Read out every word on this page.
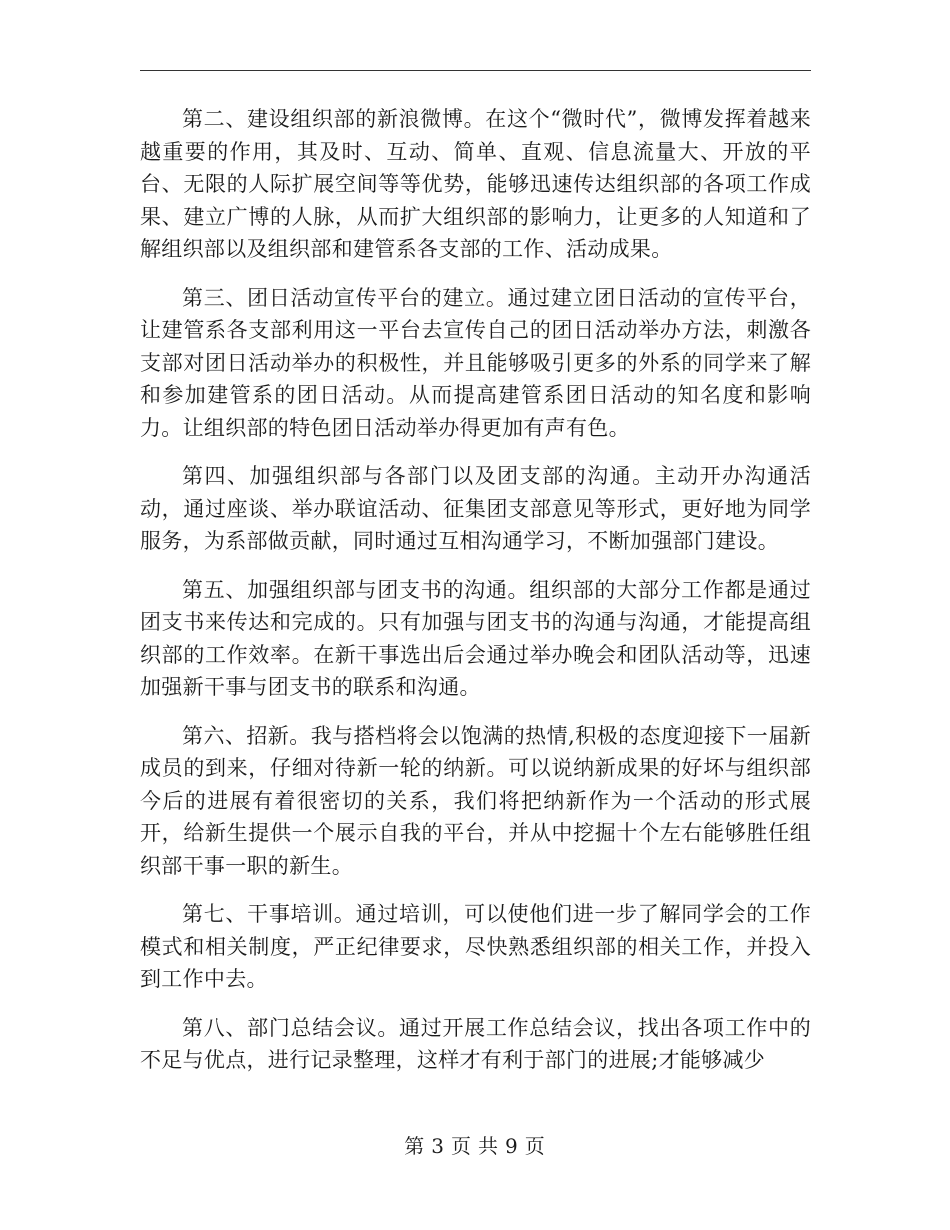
第二、建设组织部的新浪微博。在这个“微时代”，微博发挥着越来越重要的作用，其及时、互动、简单、直观、信息流量大、开放的平台、无限的人际扩展空间等等优势，能够迅速传达组织部的各项工作成果、建立广博的人脉，从而扩大组织部的影响力，让更多的人知道和了解组织部以及组织部和建管系各支部的工作、活动成果。

第三、团日活动宣传平台的建立。通过建立团日活动的宣传平台，让建管系各支部利用这一平台去宣传自己的团日活动举办方法，刺激各支部对团日活动举办的积极性，并且能够吸引更多的外系的同学来了解和参加建管系的团日活动。从而提高建管系团日活动的知名度和影响力。让组织部的特色团日活动举办得更加有声有色。

第四、加强组织部与各部门以及团支部的沟通。主动开办沟通活动，通过座谈、举办联谊活动、征集团支部意见等形式，更好地为同学服务，为系部做贡献，同时通过互相沟通学习，不断加强部门建设。

第五、加强组织部与团支书的沟通。组织部的大部分工作都是通过团支书来传达和完成的。只有加强与团支书的沟通与沟通，才能提高组织部的工作效率。在新干事选出后会通过举办晚会和团队活动等，迅速加强新干事与团支书的联系和沟通。

第六、招新。我与搭档将会以饱满的热情,积极的态度迎接下一届新成员的到来，仔细对待新一轮的纳新。可以说纳新成果的好坏与组织部今后的进展有着很密切的关系，我们将把纳新作为一个活动的形式展开，给新生提供一个展示自我的平台，并从中挖掘十个左右能够胜任组织部干事一职的新生。

第七、干事培训。通过培训，可以使他们进一步了解同学会的工作模式和相关制度，严正纪律要求，尽快熟悉组织部的相关工作，并投入到工作中去。

第八、部门总结会议。通过开展工作总结会议，找出各项工作中的不足与优点，进行记录整理，这样才有利于部门的进展;才能够减少

第 3 页 共 9 页
